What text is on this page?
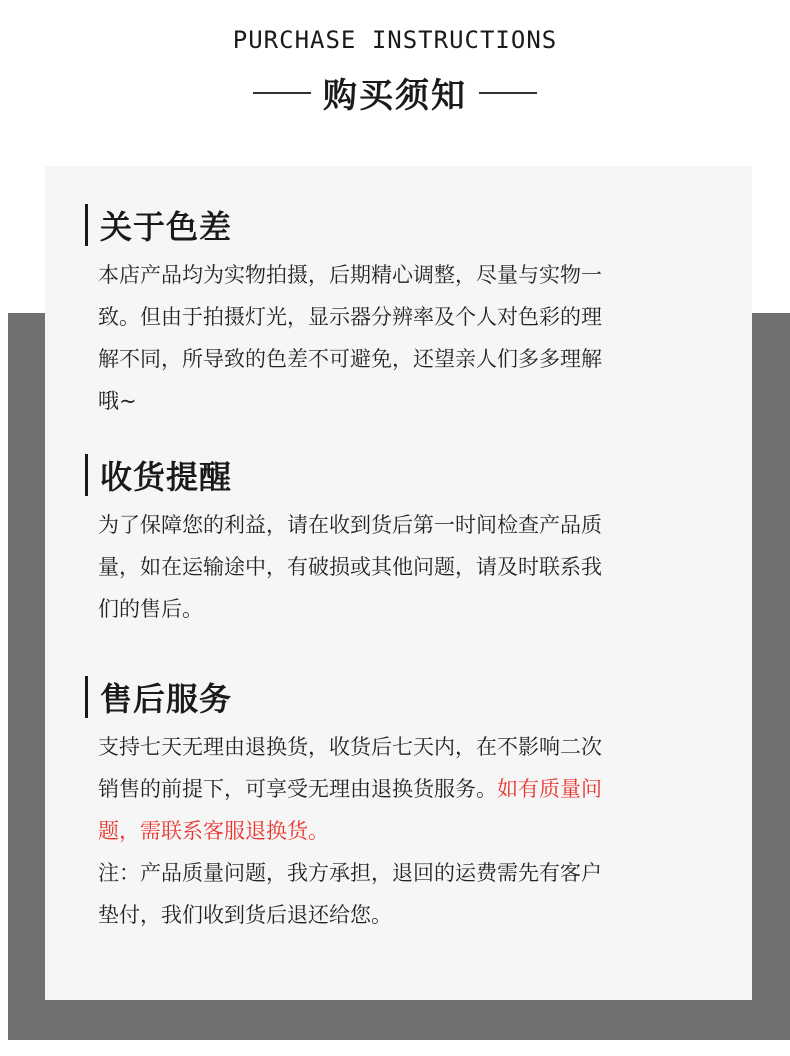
PURCHASE INSTRUCTIONS
购买须知
关于色差

本店产品均为实物拍摄，后期精心调整，尽量与实物一

致。但由于拍摄灯光，显示器分辨率及个人对色彩的理

解不同，所导致的色差不可避免，还望亲人们多多理解

哦~

收货提醒

为了保障您的利益，请在收到货后第一时间检查产品质

量，如在运输途中，有破损或其他问题，请及时联系我

们的售后。

售后服务

支持七天无理由退换货，收货后七天内，在不影响二次

销售的前提下，可享受无理由退换货服务。如有质量问

题，需联系客服退换货。

注：产品质量问题，我方承担，退回的运费需先有客户

垫付，我们收到货后退还给您。
